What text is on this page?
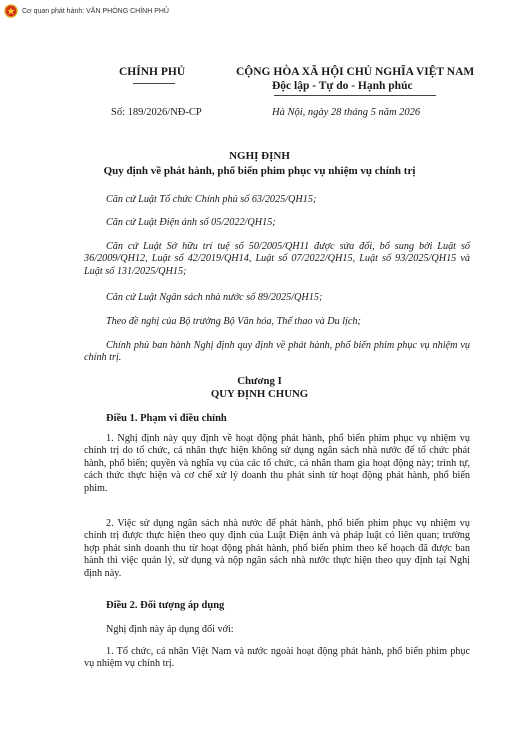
Cơ quan phát hành: VĂN PHÒNG CHÍNH PHỦ
CHÍNH PHỦ	CỘNG HÒA XÃ HỘI CHỦ NGHĨA VIỆT NAM
Độc lập - Tự do - Hạnh phúc
Số: 189/2026/NĐ-CP	Hà Nội, ngày 28 tháng 5 năm 2026
NGHỊ ĐỊNH
Quy định về phát hành, phổ biến phim phục vụ nhiệm vụ chính trị
Căn cứ Luật Tổ chức Chính phủ số 63/2025/QH15;
Căn cứ Luật Điện ảnh số 05/2022/QH15;
Căn cứ Luật Sở hữu trí tuệ số 50/2005/QH11 được sửa đổi, bổ sung bởi Luật số 36/2009/QH12, Luật số 42/2019/QH14, Luật số 07/2022/QH15, Luật số 93/2025/QH15 và Luật số 131/2025/QH15;
Căn cứ Luật Ngân sách nhà nước số 89/2025/QH15;
Theo đề nghị của Bộ trưởng Bộ Văn hóa, Thể thao và Du lịch;
Chính phủ ban hành Nghị định quy định về phát hành, phổ biến phim phục vụ nhiệm vụ chính trị.
Chương I
QUY ĐỊNH CHUNG
Điều 1. Phạm vi điều chỉnh
1. Nghị định này quy định về hoạt động phát hành, phổ biến phim phục vụ nhiệm vụ chính trị do tổ chức, cá nhân thực hiện không sử dụng ngân sách nhà nước để tổ chức phát hành, phổ biến; quyền và nghĩa vụ của các tổ chức, cá nhân tham gia hoạt động này; trình tự, cách thức thực hiện và cơ chế xử lý doanh thu phát sinh từ hoạt động phát hành, phổ biến phim.
2. Việc sử dụng ngân sách nhà nước để phát hành, phổ biến phim phục vụ nhiệm vụ chính trị được thực hiện theo quy định của Luật Điện ảnh và pháp luật có liên quan; trường hợp phát sinh doanh thu từ hoạt động phát hành, phổ biến phim theo kế hoạch đã được ban hành thì việc quản lý, sử dụng và nộp ngân sách nhà nước thực hiện theo quy định tại Nghị định này.
Điều 2. Đối tượng áp dụng
Nghị định này áp dụng đối với:
1. Tổ chức, cá nhân Việt Nam và nước ngoài hoạt động phát hành, phổ biến phim phục vụ nhiệm vụ chính trị.
